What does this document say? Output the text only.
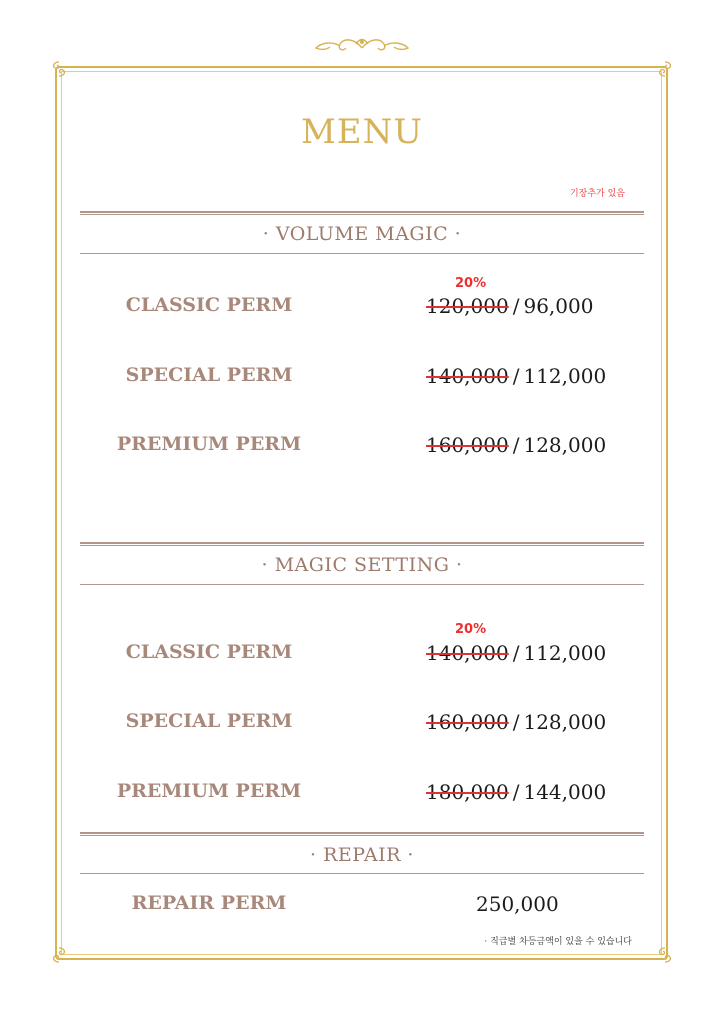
MENU
기장추가 있음
· VOLUME MAGIC ·
20%
CLASSIC PERM	120,000 / 96,000
SPECIAL PERM	140,000 / 112,000
PREMIUM PERM	160,000 / 128,000
· MAGIC SETTING ·
20%
CLASSIC PERM	140,000 / 112,000
SPECIAL PERM	160,000 / 128,000
PREMIUM PERM	180,000 / 144,000
· REPAIR ·
REPAIR PERM	250,000
· 직급별 차등금액이 있을 수 있습니다
